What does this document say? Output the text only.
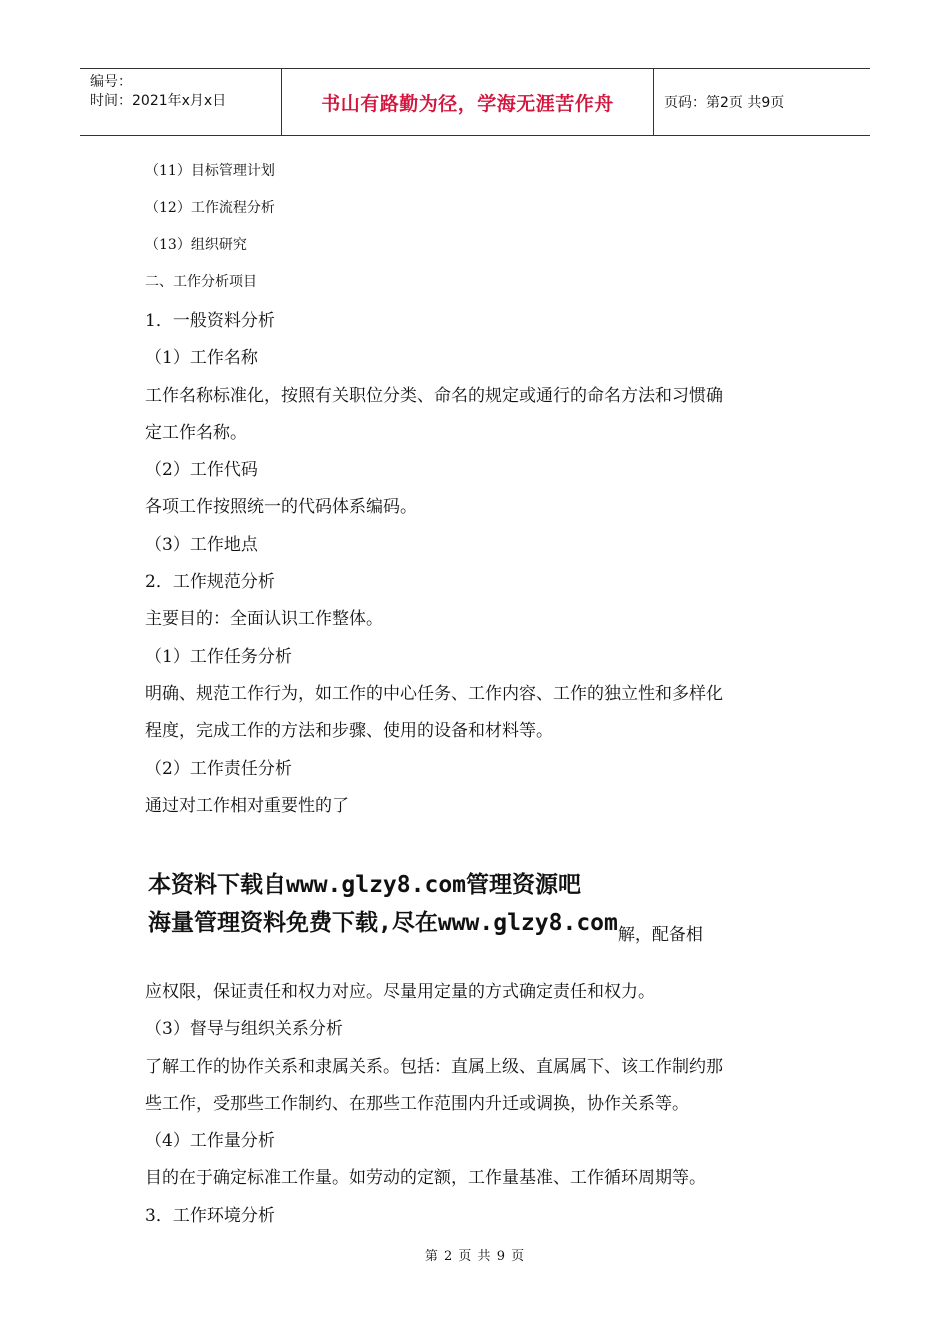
编号：
时间：2021年x月x日	书山有路勤为径，学海无涯苦作舟	页码：第2页 共9页
（11）目标管理计划
（12）工作流程分析
（13）组织研究
二、工作分析项目
1．一般资料分析
（1）工作名称
工作名称标准化，按照有关职位分类、命名的规定或通行的命名方法和习惯确
定工作名称。
（2）工作代码
各项工作按照统一的代码体系编码。
（3）工作地点
2．工作规范分析
主要目的：全面认识工作整体。
（1）工作任务分析
明确、规范工作行为，如工作的中心任务、工作内容、工作的独立性和多样化
程度，完成工作的方法和步骤、使用的设备和材料等。
（2）工作责任分析
通过对工作相对重要性的了
本资料下载自www.glzy8.com管理资源吧
海量管理资料免费下载,尽在www.glzy8.com$_{解,配备相}$
应权限，保证责任和权力对应。尽量用定量的方式确定责任和权力。
（3）督导与组织关系分析
了解工作的协作关系和隶属关系。包括：直属上级、直属属下、该工作制约那
些工作，受那些工作制约、在那些工作范围内升迁或调换，协作关系等。
（4）工作量分析
目的在于确定标准工作量。如劳动的定额，工作量基准、工作循环周期等。
3．工作环境分析
第 2 页 共 9 页
